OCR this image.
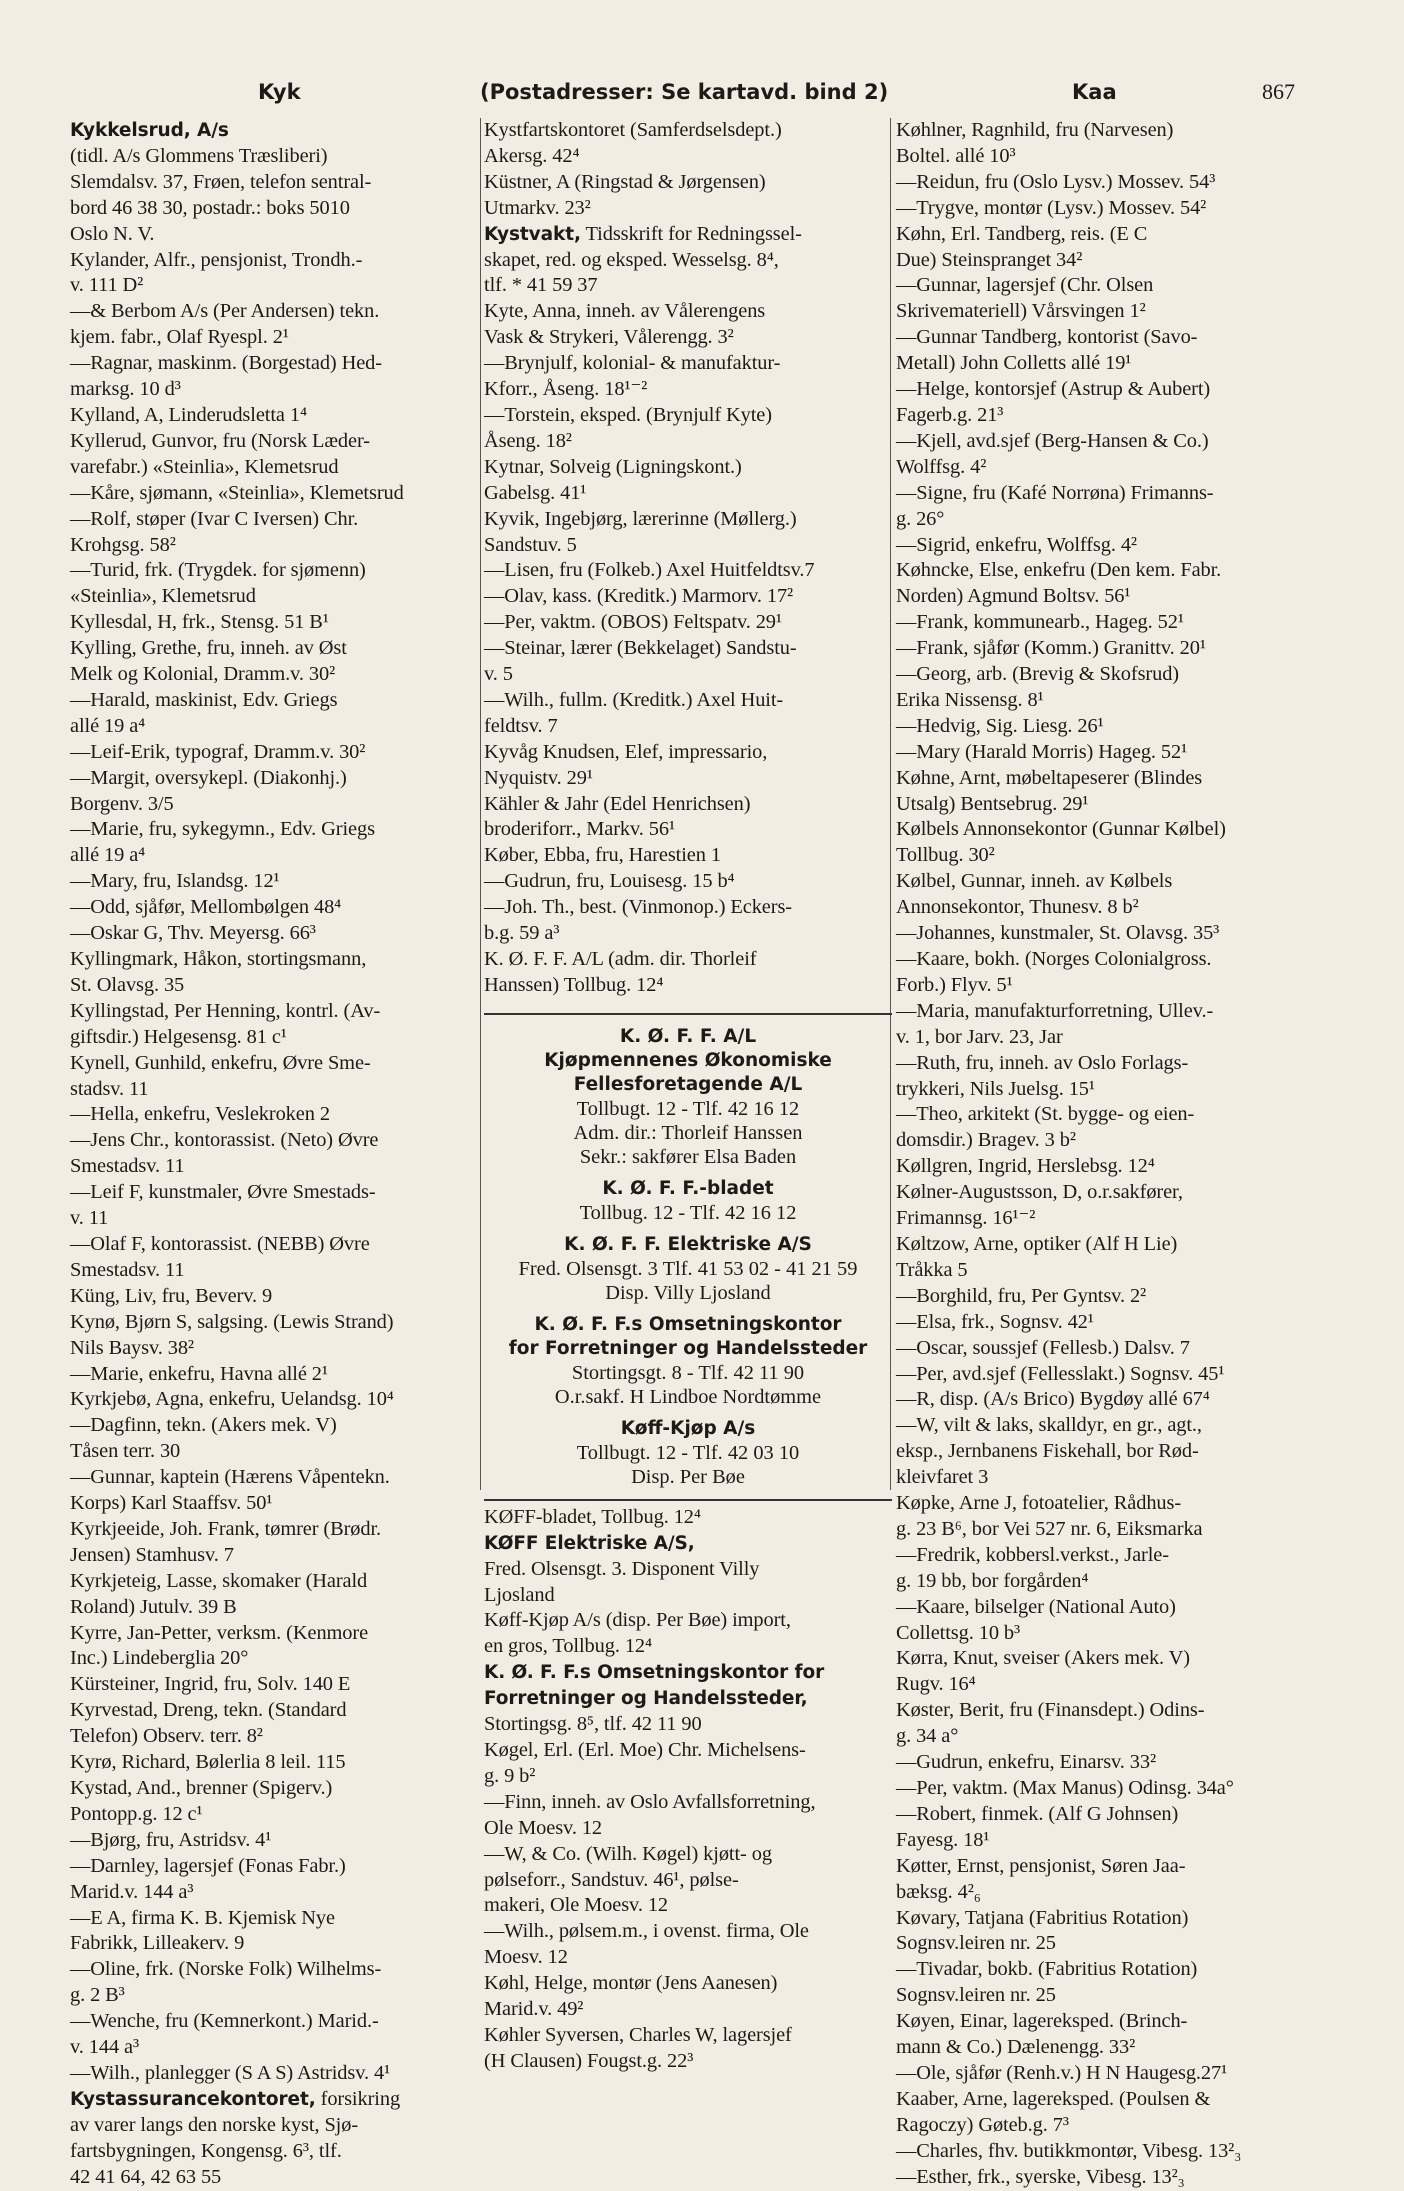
Kyk	(Postadresser: Se kartavd. bind 2)	Kaa	867
Kykkelsrud, A/s
(tidl. A/s Glommens Træsliberi)
Slemdalsv. 37, Frøen, telefon sentral-
bord 46 38 30, postadr.: boks 5010
Oslo N. V.
Kylander, Alfr., pensjonist, Trondh.-
v. 111 D²
—& Berbom A/s (Per Andersen) tekn.
kjem. fabr., Olaf Ryespl. 2¹
—Ragnar, maskinm. (Borgestad) Hed-
marksg. 10 d³
Kylland, A, Linderudsletta 1⁴
Kyllerud, Gunvor, fru (Norsk Læder-
varefabr.) «Steinlia», Klemetsrud
—Kåre, sjømann, «Steinlia», Klemetsrud
—Rolf, støper (Ivar C Iversen) Chr.
Krohgsg. 58²
—Turid, frk. (Trygdek. for sjømenn)
«Steinlia», Klemetsrud
Kyllesdal, H, frk., Stensg. 51 B¹
Kylling, Grethe, fru, inneh. av Øst
Melk og Kolonial, Dramm.v. 30²
—Harald, maskinist, Edv. Griegs
allé 19 a⁴
—Leif-Erik, typograf, Dramm.v. 30²
—Margit, oversykepl. (Diakonhj.)
Borgenv. 3/5
—Marie, fru, sykegymn., Edv. Griegs
allé 19 a⁴
—Mary, fru, Islandsg. 12¹
—Odd, sjåfør, Mellombølgen 48⁴
—Oskar G, Thv. Meyersg. 66³
Kyllingmark, Håkon, stortingsmann,
St. Olavsg. 35
Kyllingstad, Per Henning, kontrl. (Av-
giftsdir.) Helgesensg. 81 c¹
Kynell, Gunhild, enkefru, Øvre Sme-
stadsv. 11
—Hella, enkefru, Veslekroken 2
—Jens Chr., kontorassist. (Neto) Øvre
Smestadsv. 11
—Leif F, kunstmaler, Øvre Smestads-
v. 11
—Olaf F, kontorassist. (NEBB) Øvre
Smestadsv. 11
Küng, Liv, fru, Beverv. 9
Kynø, Bjørn S, salgsing. (Lewis Strand)
Nils Baysv. 38²
—Marie, enkefru, Havna allé 2¹
Kyrkjebø, Agna, enkefru, Uelandsg. 10⁴
—Dagfinn, tekn. (Akers mek. V)
Tåsen terr. 30
—Gunnar, kaptein (Hærens Våpentekn.
Korps) Karl Staaffsv. 50¹
Kyrkjeeide, Joh. Frank, tømrer (Brødr.
Jensen) Stamhusv. 7
Kyrkjeteig, Lasse, skomaker (Harald
Roland) Jutulv. 39 B
Kyrre, Jan-Petter, verksm. (Kenmore
Inc.) Lindeberglia 20°
Kürsteiner, Ingrid, fru, Solv. 140 E
Kyrvestad, Dreng, tekn. (Standard
Telefon) Observ. terr. 8²
Kyrø, Richard, Bølerlia 8 leil. 115
Kystad, And., brenner (Spigerv.)
Pontopp.g. 12 c¹
—Bjørg, fru, Astridsv. 4¹
—Darnley, lagersjef (Fonas Fabr.)
Marid.v. 144 a³
—E A, firma K. B. Kjemisk Nye
Fabrikk, Lilleakerv. 9
—Oline, frk. (Norske Folk) Wilhelms-
g. 2 B³
—Wenche, fru (Kemnerkont.) Marid.-
v. 144 a³
—Wilh., planlegger (S A S) Astridsv. 4¹
Kystassurancekontoret, forsikring
av varer langs den norske kyst, Sjø-
fartsbygningen, Kongensg. 6³, tlf.
42 41 64, 42 63 55
Kystfartskontoret (Samferdselsdept.)
Akersg. 42⁴
Küstner, A (Ringstad & Jørgensen)
Utmarkv. 23²
Kystvakt, Tidsskrift for Redningssel-
skapet, red. og eksped. Wesselsg. 8⁴,
tlf. * 41 59 37
Kyte, Anna, inneh. av Vålerengens
Vask & Strykeri, Vålerengg. 3²
—Brynjulf, kolonial- & manufaktur-
Kforr., Åseng. 18¹⁻²
—Torstein, eksped. (Brynjulf Kyte)
Åseng. 18²
Kytnar, Solveig (Ligningskont.)
Gabelsg. 41¹
Kyvik, Ingebjørg, lærerinne (Møllerg.)
Sandstuv. 5
—Lisen, fru (Folkeb.) Axel Huitfeldtsv.7
—Olav, kass. (Kreditk.) Marmorv. 17²
—Per, vaktm. (OBOS) Feltspatv. 29¹
—Steinar, lærer (Bekkelaget) Sandstu-
v. 5
—Wilh., fullm. (Kreditk.) Axel Huit-
feldtsv. 7
Kyvåg Knudsen, Elef, impressario,
Nyquistv. 29¹
Kähler & Jahr (Edel Henrichsen)
broderiforr., Markv. 56¹
Køber, Ebba, fru, Harestien 1
—Gudrun, fru, Louisesg. 15 b⁴
—Joh. Th., best. (Vinmonop.) Eckers-
b.g. 59 a³
K. Ø. F. F. A/L (adm. dir. Thorleif
Hanssen) Tollbug. 12⁴
K. Ø. F. F. A/L
Kjøpmennenes Økonomiske
Fellesforetagende A/L
Tollbugt. 12 - Tlf. 42 16 12
Adm. dir.: Thorleif Hanssen
Sekr.: sakfører Elsa Baden
K. Ø. F. F.-bladet
Tollbug. 12 - Tlf. 42 16 12
K. Ø. F. F. Elektriske A/S
Fred. Olsensgt. 3 Tlf. 41 53 02 - 41 21 59
Disp. Villy Ljosland
K. Ø. F. F.s Omsetningskontor
for Forretninger og Handelssteder
Stortingsgt. 8 - Tlf. 42 11 90
O.r.sakf. H Lindboe Nordtømme
Køff-Kjøp A/s
Tollbugt. 12 - Tlf. 42 03 10
Disp. Per Bøe
KØFF-bladet, Tollbug. 12⁴
KØFF Elektriske A/S,
Fred. Olsensgt. 3. Disponent Villy
Ljosland
Køff-Kjøp A/s (disp. Per Bøe) import,
en gros, Tollbug. 12⁴
K. Ø. F. F.s Omsetningskontor for
Forretninger og Handelssteder,
Stortingsg. 8⁵, tlf. 42 11 90
Køgel, Erl. (Erl. Moe) Chr. Michelsens-
g. 9 b²
—Finn, inneh. av Oslo Avfallsforretning,
Ole Moesv. 12
—W, & Co. (Wilh. Køgel) kjøtt- og
pølseforr., Sandstuv. 46¹, pølse-
makeri, Ole Moesv. 12
—Wilh., pølsem.m., i ovenst. firma, Ole
Moesv. 12
Køhl, Helge, montør (Jens Aanesen)
Marid.v. 49²
Køhler Syversen, Charles W, lagersjef
(H Clausen) Fougst.g. 22³
Køhlner, Ragnhild, fru (Narvesen)
Boltel. allé 10³
—Reidun, fru (Oslo Lysv.) Mossev. 54³
—Trygve, montør (Lysv.) Mossev. 54²
Køhn, Erl. Tandberg, reis. (E C
Due) Steinspranget 34²
—Gunnar, lagersjef (Chr. Olsen
Skrivemateriell) Vårsvingen 1²
—Gunnar Tandberg, kontorist (Savo-
Metall) John Colletts allé 19¹
—Helge, kontorsjef (Astrup & Aubert)
Fagerb.g. 21³
—Kjell, avd.sjef (Berg-Hansen & Co.)
Wolffsg. 4²
—Signe, fru (Kafé Norrøna) Frimanns-
g. 26°
—Sigrid, enkefru, Wolffsg. 4²
Køhncke, Else, enkefru (Den kem. Fabr.
Norden) Agmund Boltsv. 56¹
—Frank, kommunearb., Hageg. 52¹
—Frank, sjåfør (Komm.) Granittv. 20¹
—Georg, arb. (Brevig & Skofsrud)
Erika Nissensg. 8¹
—Hedvig, Sig. Liesg. 26¹
—Mary (Harald Morris) Hageg. 52¹
Køhne, Arnt, møbeltapeserer (Blindes
Utsalg) Bentsebrug. 29¹
Kølbels Annonsekontor (Gunnar Kølbel)
Tollbug. 30²
Kølbel, Gunnar, inneh. av Kølbels
Annonsekontor, Thunesv. 8 b²
—Johannes, kunstmaler, St. Olavsg. 35³
—Kaare, bokh. (Norges Colonialgross.
Forb.) Flyv. 5¹
—Maria, manufakturforretning, Ullev.-
v. 1, bor Jarv. 23, Jar
—Ruth, fru, inneh. av Oslo Forlags-
trykkeri, Nils Juelsg. 15¹
—Theo, arkitekt (St. bygge- og eien-
domsdir.) Bragev. 3 b²
Køllgren, Ingrid, Herslebsg. 12⁴
Kølner-Augustsson, D, o.r.sakfører,
Frimannsg. 16¹⁻²
Køltzow, Arne, optiker (Alf H Lie)
Tråkka 5
—Borghild, fru, Per Gyntsv. 2²
—Elsa, frk., Sognsv. 42¹
—Oscar, soussjef (Fellesb.) Dalsv. 7
—Per, avd.sjef (Fellesslakt.) Sognsv. 45¹
—R, disp. (A/s Brico) Bygdøy allé 67⁴
—W, vilt & laks, skalldyr, en gr., agt.,
eksp., Jernbanens Fiskehall, bor Rød-
kleivfaret 3
Køpke, Arne J, fotoatelier, Rådhus-
g. 23 B⁶, bor Vei 527 nr. 6, Eiksmarka
—Fredrik, kobbersl.verkst., Jarle-
g. 19 bb, bor forgården⁴
—Kaare, bilselger (National Auto)
Collettsg. 10 b³
Kørra, Knut, sveiser (Akers mek. V)
Rugv. 16⁴
Køster, Berit, fru (Finansdept.) Odins-
g. 34 a°
—Gudrun, enkefru, Einarsv. 33²
—Per, vaktm. (Max Manus) Odinsg. 34a°
—Robert, finmek. (Alf G Johnsen)
Fayesg. 18¹
Køtter, Ernst, pensjonist, Søren Jaa-
bæksg. 4²₆
Køvary, Tatjana (Fabritius Rotation)
Sognsv.leiren nr. 25
—Tivadar, bokb. (Fabritius Rotation)
Sognsv.leiren nr. 25
Køyen, Einar, lagereksped. (Brinch-
mann & Co.) Dælenengg. 33²
—Ole, sjåfør (Renh.v.) H N Haugesg.27¹
Kaaber, Arne, lagereksped. (Poulsen &
Ragoczy) Gøteb.g. 7³
—Charles, fhv. butikkmontør, Vibesg. 13²₃
—Esther, frk., syerske, Vibesg. 13²₃
